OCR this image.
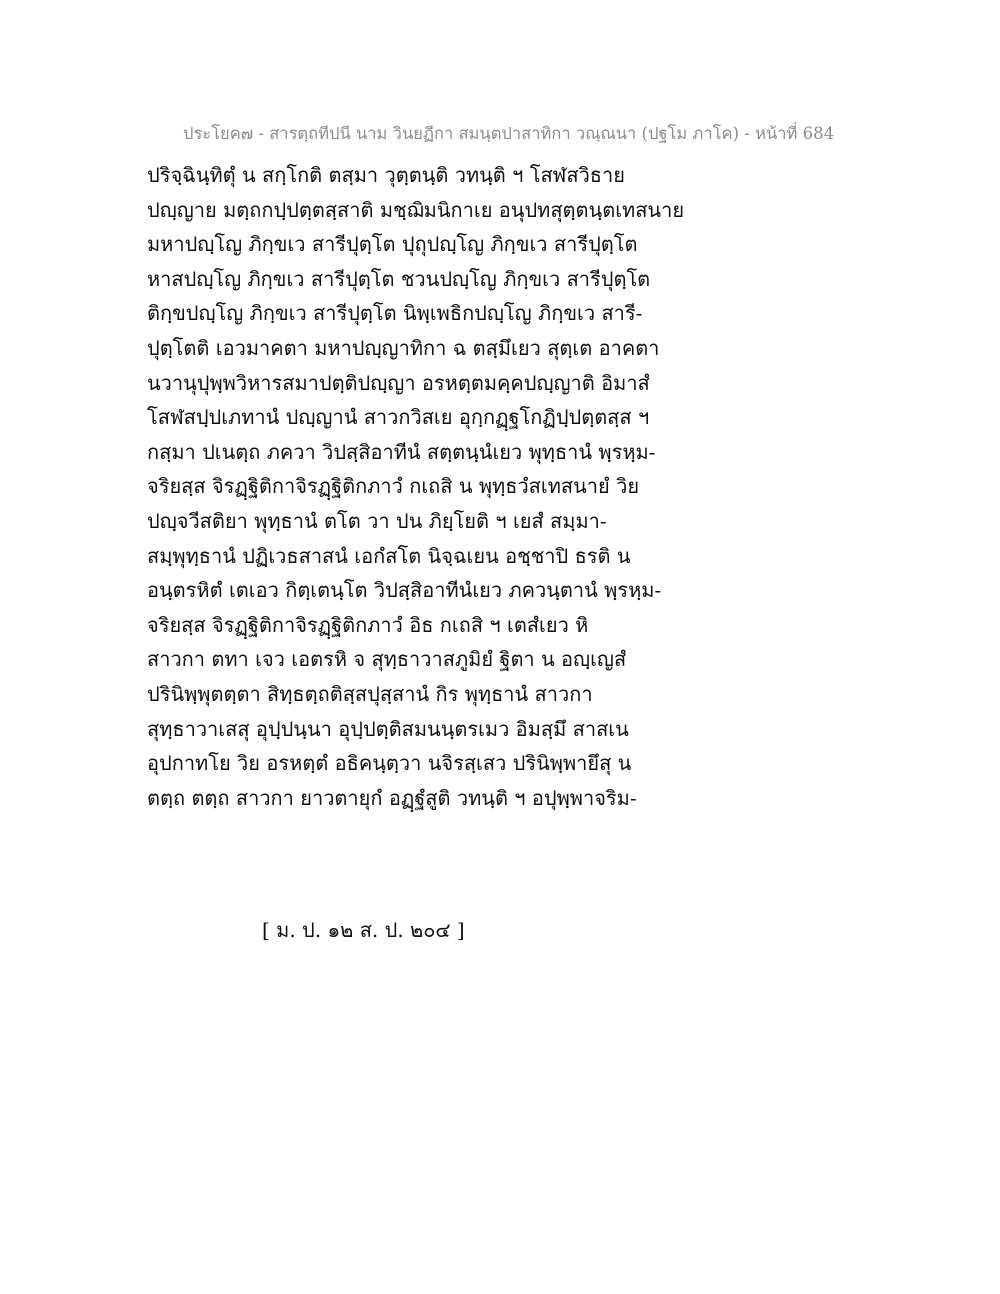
ประโยค๗ - สารตฺถทีปนี นาม วินยฏีกา สมนฺตปาสาทิกา วณฺณนา (ปฐโม ภาโค) - หน้าที่ 684
ปริจฺฉินฺทิตุํ น สกฺโกติ ตสฺมา วุตฺตนฺติ วทนฺติ ฯ โสฬสวิธาย
ปญฺญาย มตฺถกปฺปตฺตสฺสาติ มชฺฌิมนิกาเย อนุปทสุตฺตนฺตเทสนาย
มหาปญฺโญ ภิกฺขเว สารีปุตฺโต ปุถุปญฺโญ ภิกฺขเว สารีปุตฺโต
หาสปญฺโญ ภิกฺขเว สารีปุตฺโต ชวนปญฺโญ ภิกฺขเว สารีปุตฺโต
ติกฺขปญฺโญ ภิกฺขเว สารีปุตฺโต นิพฺเพธิกปญฺโญ ภิกฺขเว สารี-
ปุตฺโตติ เอวมาคตา มหาปญฺญาทิกา ฉ ตสฺมึเยว สุตฺเต อาคตา
นวานุปุพฺพวิหารสมาปตฺติปญฺญา อรหตฺตมคฺคปญฺญาติ อิมาสํ
โสฬสปฺปเภทานํ ปญฺญานํ สาวกวิสเย อุกฺกฏฺฐโกฏิปฺปตฺตสฺส ฯ
กสฺมา ปเนตฺถ ภควา วิปสฺสิอาทีนํ สตฺตนฺนํเยว พุทฺธานํ พฺรหฺม-
จริยสฺส จิรฏฺฐิติกาจิรฏฺฐิติกภาวํ กเถสิ น พุทฺธวํสเทสนายํ วิย
ปญฺจวีสติยา พุทฺธานํ ตโต วา ปน ภิยฺโยติ ฯ เยสํ สมฺมา-
สมฺพุทฺธานํ ปฏิเวธสาสนํ เอกํสโต นิจฺฉเยน อชฺชาปิ ธรติ น
อนฺตรหิตํ เตเอว กิตฺเตนฺโต วิปสฺสิอาทีนํเยว ภควนฺตานํ พฺรหฺม-
จริยสฺส จิรฏฺฐิติกาจิรฏฺฐิติกภาวํ อิธ กเถสิ ฯ เตสํเยว หิ
สาวกา ตทา เจว เอตรหิ จ สุทฺธาวาสภูมิยํ ฐิตา น อญฺเญสํ
ปรินิพฺพุตตฺตา สิทฺธตฺถติสฺสปุสฺสานํ กิร พุทฺธานํ สาวกา
สุทฺธาวาเสสุ อุปฺปนฺนา อุปฺปตฺติสมนนฺตรเมว อิมสฺมึ สาสเน
อุปกาทโย วิย อรหตฺตํ อธิคนฺตฺวา นจิรสฺเสว ปรินิพฺพายึสุ น
ตตฺถ ตตฺถ สาวกา ยาวตายุกํ อฏฺฐํสูติ วทนฺติ ฯ อปุพฺพาจริม-
[ ม. ป. ๑๒ ส. ป. ๒๐๔ ]
